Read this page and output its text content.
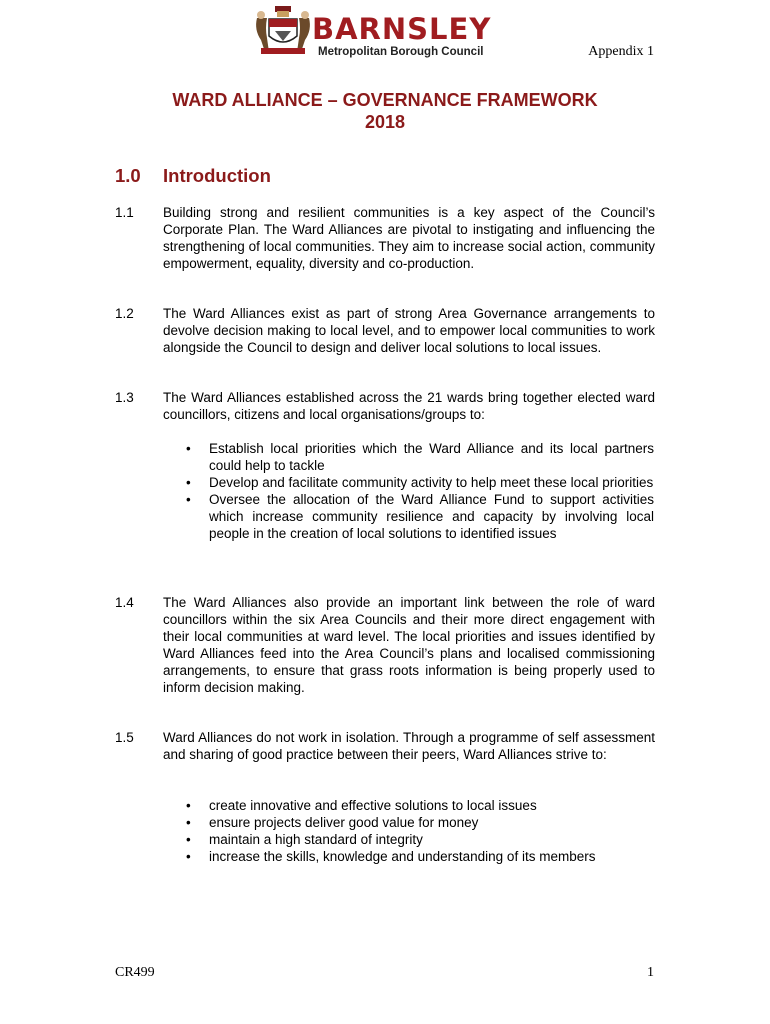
BARNSLEY
Metropolitan Borough Council	Appendix 1
WARD ALLIANCE – GOVERNANCE FRAMEWORK
2018
1.0 Introduction
1.1 Building strong and resilient communities is a key aspect of the Council’s Corporate Plan. The Ward Alliances are pivotal to instigating and influencing the strengthening of local communities. They aim to increase social action, community empowerment, equality, diversity and co-production.
1.2 The Ward Alliances exist as part of strong Area Governance arrangements to devolve decision making to local level, and to empower local communities to work alongside the Council to design and deliver local solutions to local issues.
1.3 The Ward Alliances established across the 21 wards bring together elected ward councillors, citizens and local organisations/groups to:
• Establish local priorities which the Ward Alliance and its local partners could help to tackle
• Develop and facilitate community activity to help meet these local priorities
• Oversee the allocation of the Ward Alliance Fund to support activities which increase community resilience and capacity by involving local people in the creation of local solutions to identified issues
1.4 The Ward Alliances also provide an important link between the role of ward councillors within the six Area Councils and their more direct engagement with their local communities at ward level. The local priorities and issues identified by Ward Alliances feed into the Area Council’s plans and localised commissioning arrangements, to ensure that grass roots information is being properly used to inform decision making.
1.5 Ward Alliances do not work in isolation. Through a programme of self assessment and sharing of good practice between their peers, Ward Alliances strive to:
• create innovative and effective solutions to local issues
• ensure projects deliver good value for money
• maintain a high standard of integrity
• increase the skills, knowledge and understanding of its members
CR499	1
